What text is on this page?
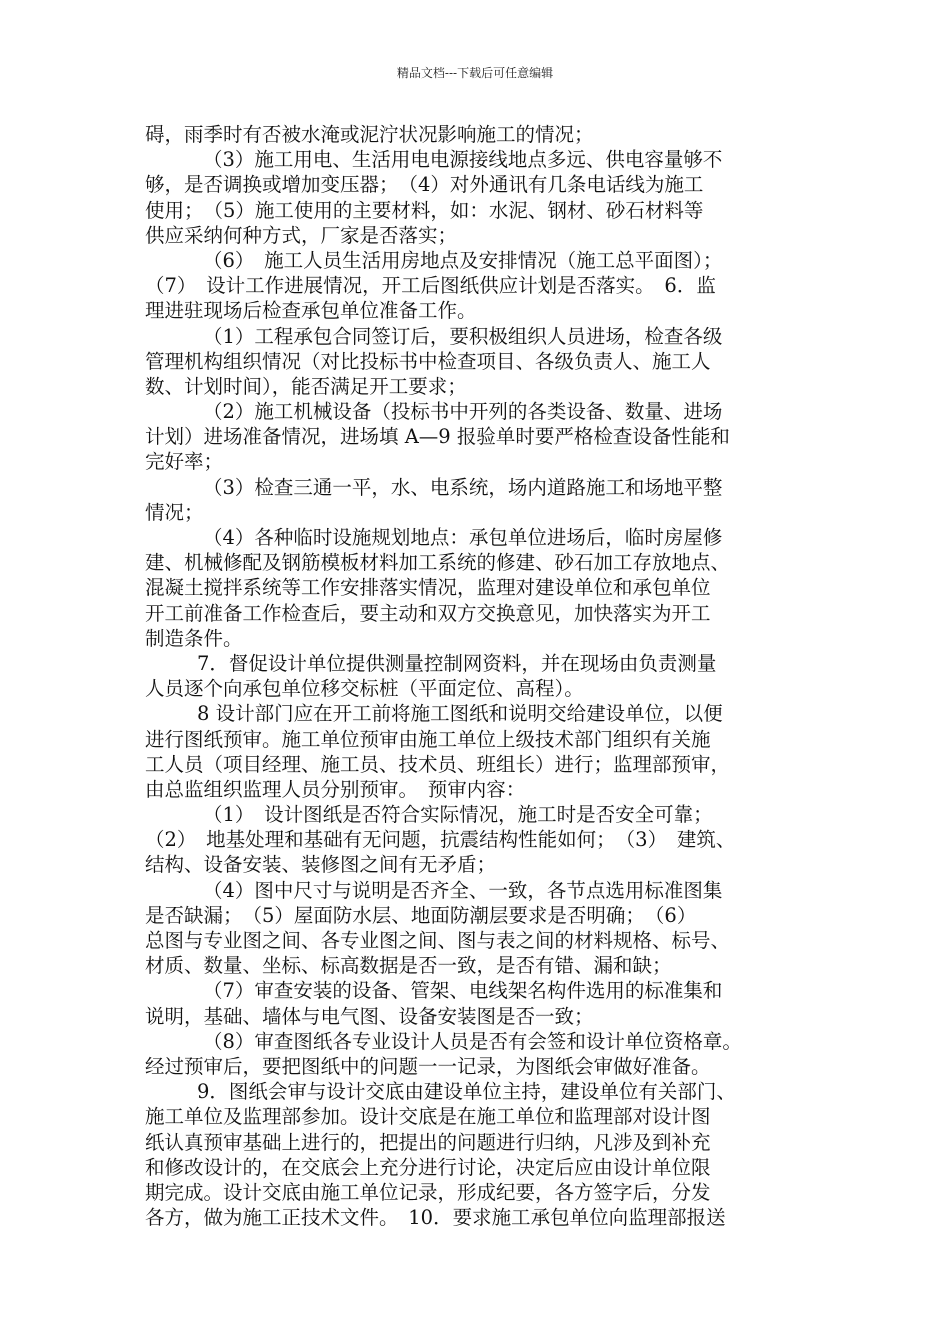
精品文档---下载后可任意编辑
碍，雨季时有否被水淹或泥泞状况影响施工的情况；
（3）施工用电、生活用电电源接线地点多远、供电容量够不
够，是否调换或增加变压器；　（4）对外通讯有几条电话线为施工
使用；　（5）施工使用的主要材料，如：水泥、钢材、砂石材料等
供应采纳何种方式，厂家是否落实；
（6）　施工人员生活用房地点及安排情况（施工总平面图）；
（7）　设计工作进展情况，开工后图纸供应计划是否落实。　6．监
理进驻现场后检查承包单位准备工作。
（1）工程承包合同签订后，要积极组织人员进场，检查各级
管理机构组织情况（对比投标书中检查项目、各级负责人、施工人
数、计划时间），能否满足开工要求；
（2）施工机械设备（投标书中开列的各类设备、数量、进场
计划）进场准备情况，进场填 A—9 报验单时要严格检查设备性能和
完好率；
（3）检查三通一平，水、电系统，场内道路施工和场地平整
情况；
（4）各种临时设施规划地点：承包单位进场后，临时房屋修
建、机械修配及钢筋模板材料加工系统的修建、砂石加工存放地点、
混凝土搅拌系统等工作安排落实情况，监理对建设单位和承包单位
开工前准备工作检查后，要主动和双方交换意见，加快落实为开工
制造条件。
7．督促设计单位提供测量控制网资料，并在现场由负责测量
人员逐个向承包单位移交标桩（平面定位、高程）。
8 设计部门应在开工前将施工图纸和说明交给建设单位，以便
进行图纸预审。施工单位预审由施工单位上级技术部门组织有关施
工人员（项目经理、施工员、技术员、班组长）进行；监理部预审，
由总监组织监理人员分别预审。　预审内容：
（1）　设计图纸是否符合实际情况，施工时是否安全可靠；
（2）　地基处理和基础有无问题，抗震结构性能如何；　（3）　建筑、
结构、设备安装、装修图之间有无矛盾；
（4）图中尺寸与说明是否齐全、一致，各节点选用标准图集
是否缺漏；　（5）屋面防水层、地面防潮层要求是否明确；　（6）
总图与专业图之间、各专业图之间、图与表之间的材料规格、标号、
材质、数量、坐标、标高数据是否一致，是否有错、漏和缺；
（7）审查安装的设备、管架、电线架名构件选用的标准集和
说明，基础、墙体与电气图、设备安装图是否一致；
（8）审查图纸各专业设计人员是否有会签和设计单位资格章。
经过预审后，要把图纸中的问题一一记录，为图纸会审做好准备。
9．图纸会审与设计交底由建设单位主持，建设单位有关部门、
施工单位及监理部参加。设计交底是在施工单位和监理部对设计图
纸认真预审基础上进行的，把提出的问题进行归纳，凡涉及到补充
和修改设计的，在交底会上充分进行讨论，决定后应由设计单位限
期完成。设计交底由施工单位记录，形成纪要，各方签字后，分发
各方，做为施工正技术文件。　10．要求施工承包单位向监理部报送
